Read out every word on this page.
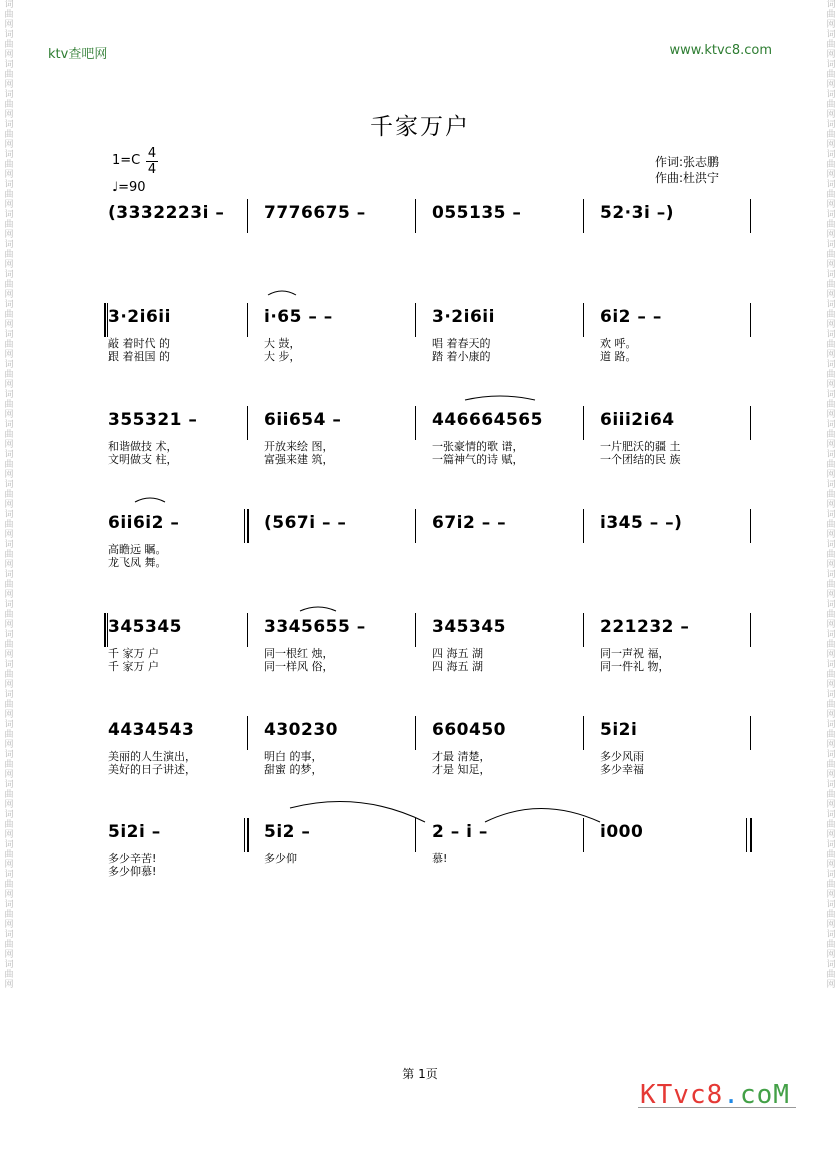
词曲网词曲网词曲网词曲网词曲网词曲网词曲网词曲网词曲网词曲网词曲网词曲网词曲网词曲网词曲网词曲网词曲网词曲网词曲网词曲网词曲网词曲网词曲网词曲网词曲网词曲网词曲网词曲网词曲网词曲网词曲网词曲网词曲网
词曲网词曲网词曲网词曲网词曲网词曲网词曲网词曲网词曲网词曲网词曲网词曲网词曲网词曲网词曲网词曲网词曲网词曲网词曲网词曲网词曲网词曲网词曲网词曲网词曲网词曲网词曲网词曲网词曲网词曲网词曲网词曲网词曲网
ktv查吧网	www.ktvc8.com
千家万户
1=C 4
4
♩=90
作词:张志鹏
作曲:杜洪宁
(3332223i – 7776675 –	055135 –	52·3i –)
3·2i6ii	i·65 – –	3·2i6ii	6i2 – –
敲 着时代 的	大 鼓，	唱 着春天的	欢 呼。
跟 着祖国 的	大 步，	踏 着小康的	道 路。
355321 –	6ii654 –	446664565	6iii2i64
和谐做技 术，	开放来绘 图，	一张豪情的歌 谱，	一片肥沃的疆 土
文明做支 柱，	富强来建 筑，	一篇神气的诗 赋，	一个团结的民 族
6ii6i2 –	(567i – –	67i2 – –	i345 – –)
高瞻远 瞩。
龙飞凤 舞。
345345	3345655 –	345345	221232 –
千 家万 户	同一根红 烛，	四 海五 湖	同一声祝 福，
千 家万 户	同一样风 俗，	四 海五 湖	同一件礼 物，
4434543	430230	660450	5i2i
美丽的人生演出，	明白 的事，	才最 清楚，	多少风雨
美好的日子讲述，	甜蜜 的梦，	才是 知足，	多少幸福
5i2i –	5i2 –	2 – i –	i000
多少辛苦!	多少仰	慕!
多少仰慕!
第 1页
KTvc8.coM
